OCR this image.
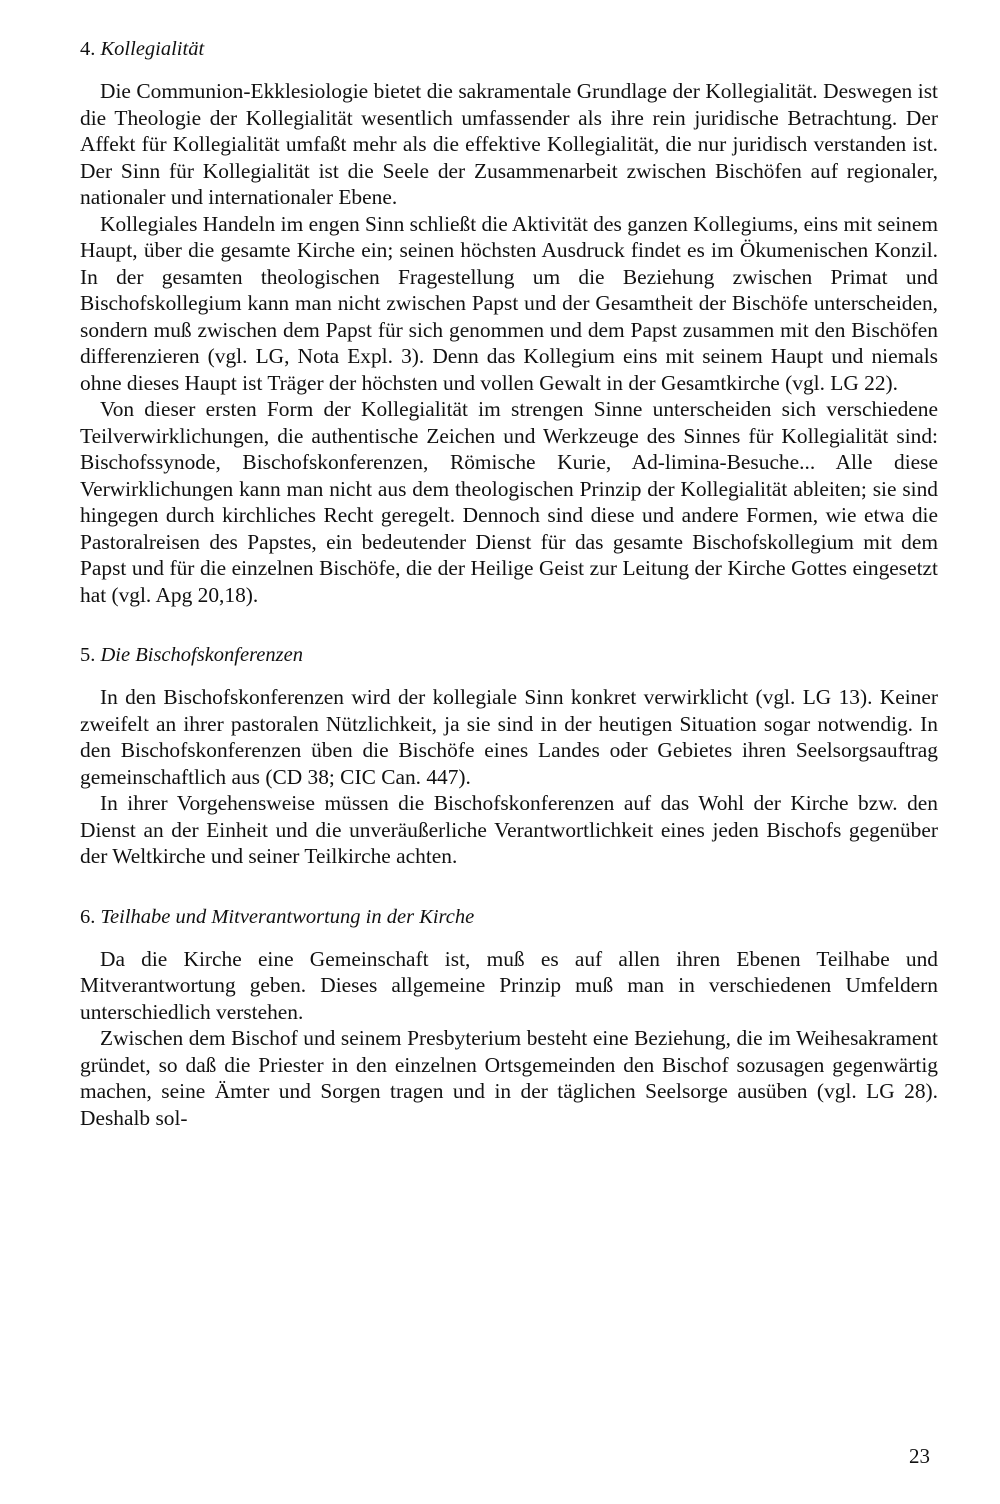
4. Kollegialität

Die Communion-Ekklesiologie bietet die sakramentale Grundlage der Kollegialität. Deswegen ist die Theologie der Kollegialität wesentlich umfassender als ihre rein juridische Betrachtung. Der Affekt für Kollegialität umfaßt mehr als die effektive Kollegialität, die nur juridisch verstanden ist. Der Sinn für Kollegialität ist die Seele der Zusammenarbeit zwischen Bischöfen auf regionaler, nationaler und internationaler Ebene.

Kollegiales Handeln im engen Sinn schließt die Aktivität des ganzen Kollegiums, eins mit seinem Haupt, über die gesamte Kirche ein; seinen höchsten Ausdruck findet es im Ökumenischen Konzil. In der gesamten theologischen Fragestellung um die Beziehung zwischen Primat und Bischofskollegium kann man nicht zwischen Papst und der Gesamtheit der Bischöfe unterscheiden, sondern muß zwischen dem Papst für sich genommen und dem Papst zusammen mit den Bischöfen differenzieren (vgl. LG, Nota Expl. 3). Denn das Kollegium eins mit seinem Haupt und niemals ohne dieses Haupt ist Träger der höchsten und vollen Gewalt in der Gesamtkirche (vgl. LG 22).

Von dieser ersten Form der Kollegialität im strengen Sinne unterscheiden sich verschiedene Teilverwirklichungen, die authentische Zeichen und Werkzeuge des Sinnes für Kollegialität sind: Bischofssynode, Bischofskonferenzen, Römische Kurie, Ad-limina-Besuche... Alle diese Verwirklichungen kann man nicht aus dem theologischen Prinzip der Kollegialität ableiten; sie sind hingegen durch kirchliches Recht geregelt. Dennoch sind diese und andere Formen, wie etwa die Pastoralreisen des Papstes, ein bedeutender Dienst für das gesamte Bischofskollegium mit dem Papst und für die einzelnen Bischöfe, die der Heilige Geist zur Leitung der Kirche Gottes eingesetzt hat (vgl. Apg 20,18).

5. Die Bischofskonferenzen

In den Bischofskonferenzen wird der kollegiale Sinn konkret verwirklicht (vgl. LG 13). Keiner zweifelt an ihrer pastoralen Nützlichkeit, ja sie sind in der heutigen Situation sogar notwendig. In den Bischofskonferenzen üben die Bischöfe eines Landes oder Gebietes ihren Seelsorgsauftrag gemeinschaftlich aus (CD 38; CIC Can. 447).

In ihrer Vorgehensweise müssen die Bischofskonferenzen auf das Wohl der Kirche bzw. den Dienst an der Einheit und die unveräußerliche Verantwortlichkeit eines jeden Bischofs gegenüber der Weltkirche und seiner Teilkirche achten.

6. Teilhabe und Mitverantwortung in der Kirche

Da die Kirche eine Gemeinschaft ist, muß es auf allen ihren Ebenen Teilhabe und Mitverantwortung geben. Dieses allgemeine Prinzip muß man in verschiedenen Umfeldern unterschiedlich verstehen.

Zwischen dem Bischof und seinem Presbyterium besteht eine Beziehung, die im Weihesakrament gründet, so daß die Priester in den einzelnen Ortsgemeinden den Bischof sozusagen gegenwärtig machen, seine Ämter und Sorgen tragen und in der täglichen Seelsorge ausüben (vgl. LG 28). Deshalb sol-

23
